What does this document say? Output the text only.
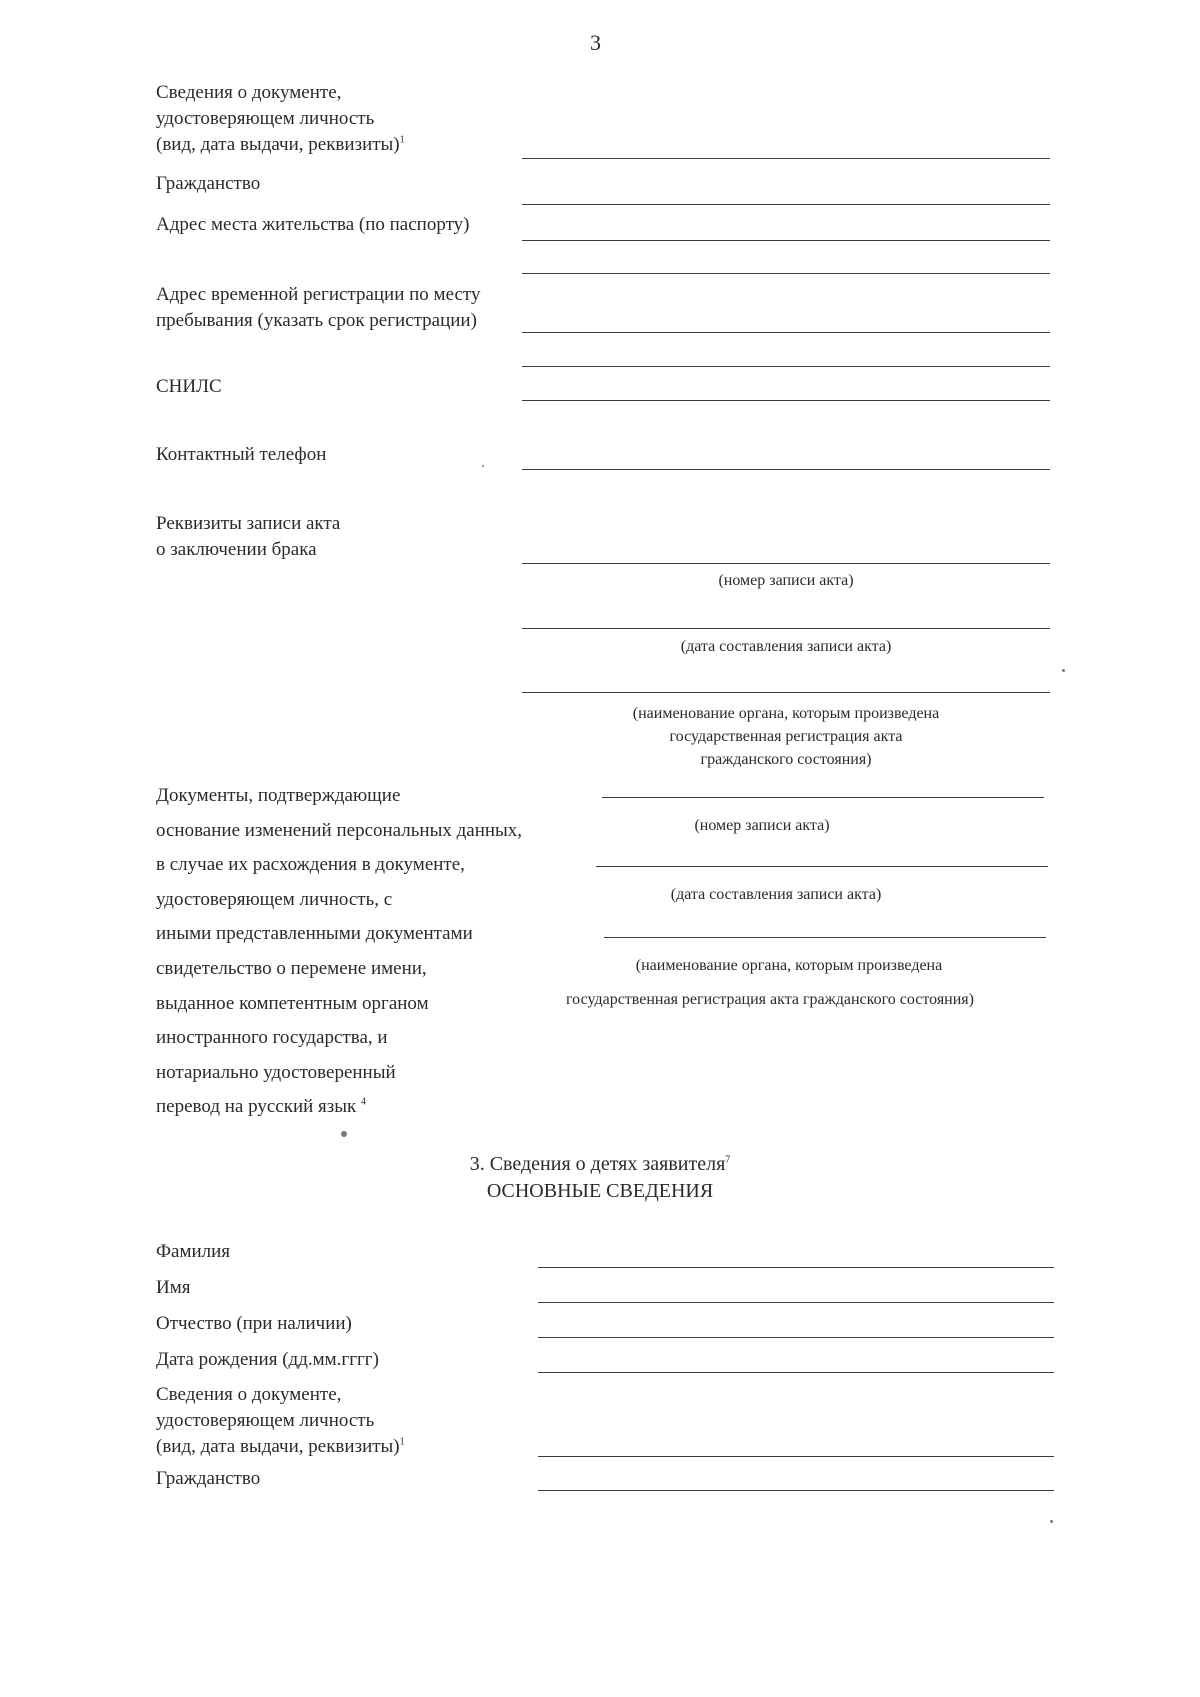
3
Сведения о документе,
удостоверяющем личность
(вид, дата выдачи, реквизиты)$^1$
Гражданство
Адрес места жительства (по паспорту)
Адрес временной регистрации по месту
пребывания (указать срок регистрации)
СНИЛС
Контактный телефон
Реквизиты записи акта
о заключении брака
(номер записи акта)
(дата составления записи акта)
(наименование органа, которым произведена
государственная регистрация акта
гражданского состояния)
Документы, подтверждающие
основание изменений персональных данных,
в случае их расхождения в документе,
удостоверяющем личность, с
иными представленными документами
свидетельство о перемене имени,
выданное компетентным органом
иностранного государства, и
нотариально удостоверенный
перевод на русский язык $^4$
(номер записи акта)
(дата составления записи акта)
(наименование органа, которым произведена
государственная регистрация акта гражданского состояния)
3. Сведения о детях заявителя$^7$
ОСНОВНЫЕ СВЕДЕНИЯ
Фамилия
Имя
Отчество (при наличии)
Дата рождения (дд.мм.гггг)
Сведения о документе,
удостоверяющем личность
(вид, дата выдачи, реквизиты)$^1$
Гражданство
